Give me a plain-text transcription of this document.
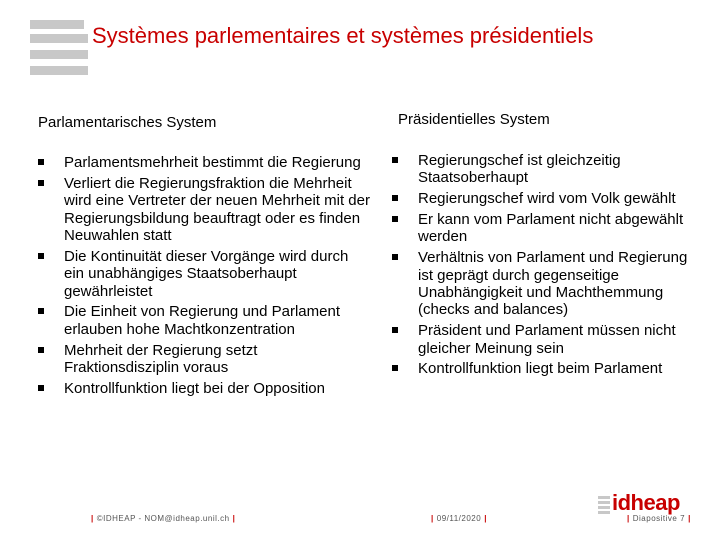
Systèmes parlementaires et systèmes présidentiels
Parlamentarisches System	Präsidentielles System
Parlamentsmehrheit bestimmt die Regierung
Verliert die Regierungsfraktion die Mehrheit wird eine Vertreter der neuen Mehrheit mit der Regierungsbildung beauftragt oder es finden Neuwahlen statt
Die Kontinuität dieser Vorgänge wird durch ein unabhängiges Staatsoberhaupt gewährleistet
Die Einheit von Regierung und Parlament erlauben hohe Machtkonzentration
Mehrheit der Regierung setzt Fraktionsdisziplin voraus
Kontrollfunktion liegt bei der Opposition
Regierungschef ist gleichzeitig Staatsoberhaupt
Regierungschef wird vom Volk gewählt
Er kann vom Parlament nicht abgewählt werden
Verhältnis von Parlament und Regierung ist geprägt durch gegenseitige Unabhängigkeit und Machthemmung (checks and balances)
Präsident und Parlament müssen nicht gleicher Meinung sein
Kontrollfunktion liegt beim Parlament
| ©IDHEAP - NOM@idheap.unil.ch |	| 09/11/2020 |	| Diapositive 7 |
idheap
